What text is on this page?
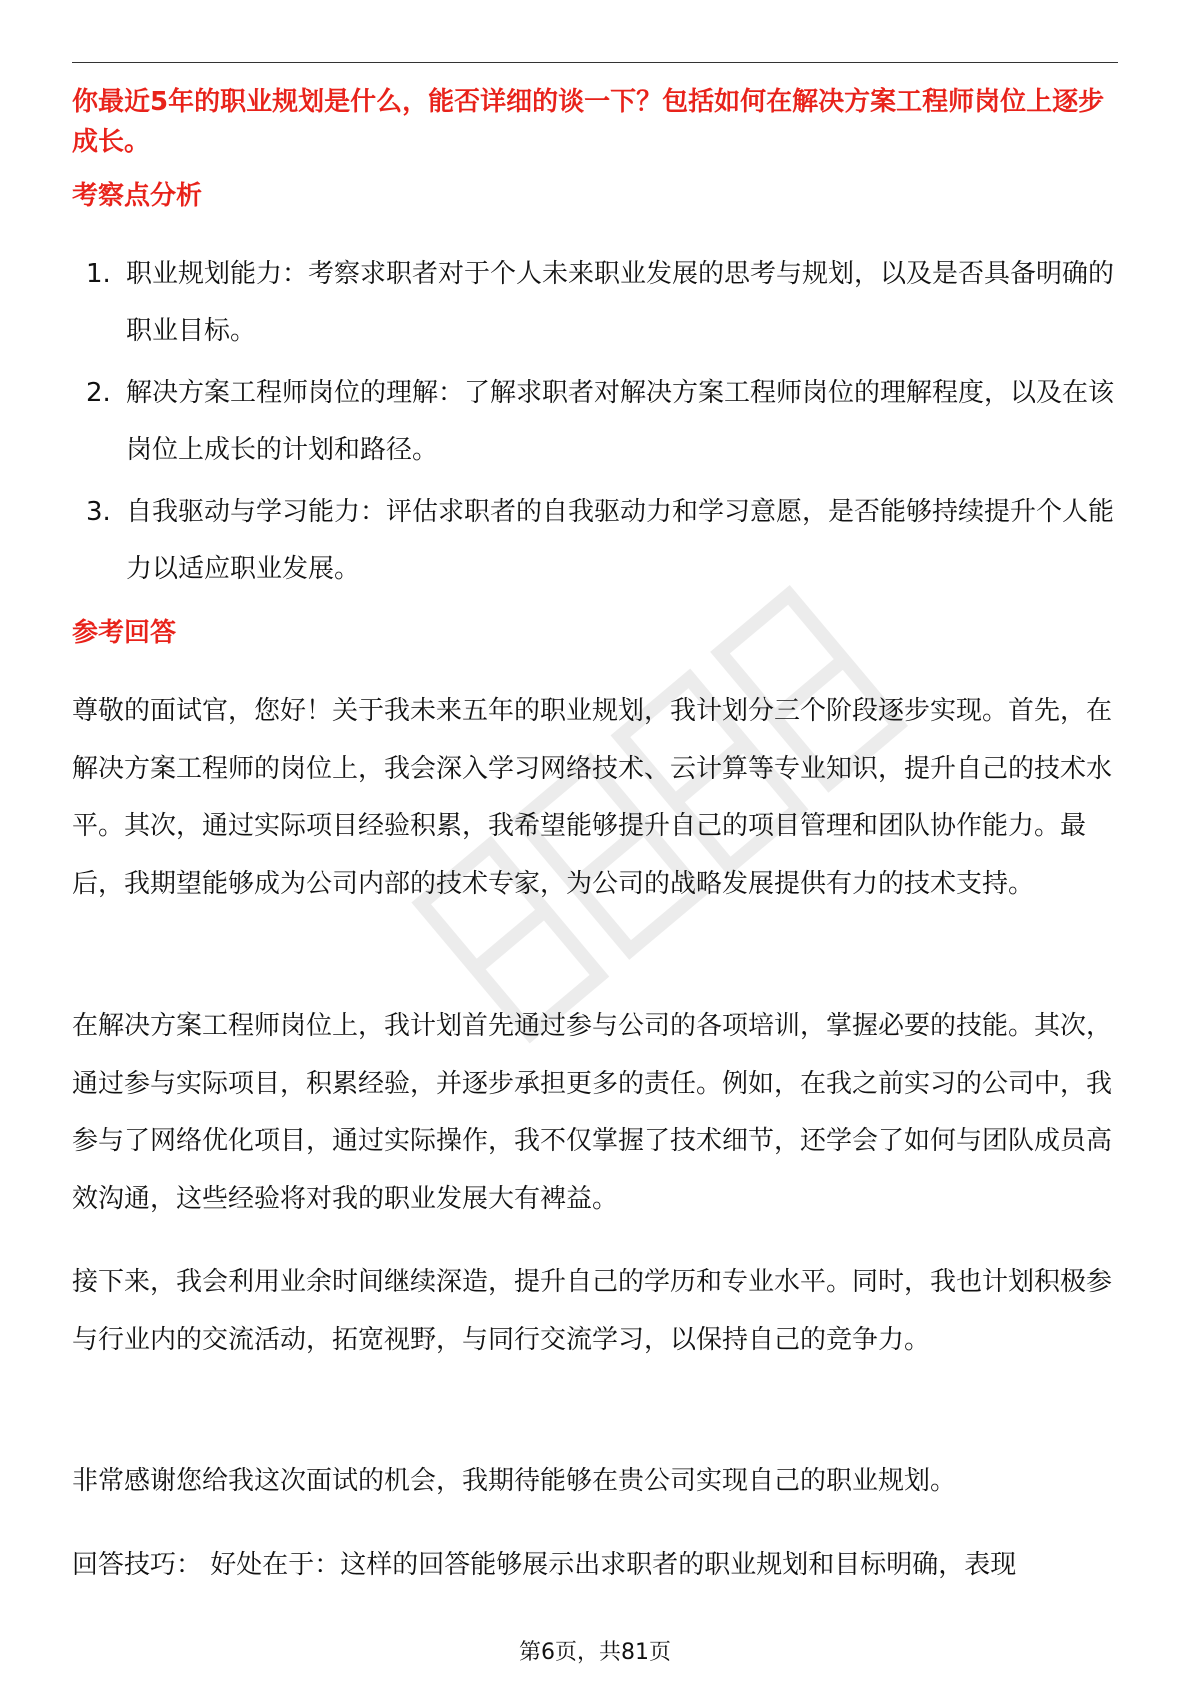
你最近5年的职业规划是什么，能否详细的谈一下？包括如何在解决方案工程师岗位上逐步成长。

考察点分析
1. 职业规划能力：考察求职者对于个人未来职业发展的思考与规划，以及是否具备明确的职业目标。
2. 解决方案工程师岗位的理解：了解求职者对解决方案工程师岗位的理解程度，以及在该岗位上成长的计划和路径。
3. 自我驱动与学习能力：评估求职者的自我驱动力和学习意愿，是否能够持续提升个人能力以适应职业发展。
参考回答

尊敬的面试官，您好！关于我未来五年的职业规划，我计划分三个阶段逐步实现。首先，在解决方案工程师的岗位上，我会深入学习网络技术、云计算等专业知识，提升自己的技术水平。其次，通过实际项目经验积累，我希望能够提升自己的项目管理和团队协作能力。最后，我期望能够成为公司内部的技术专家，为公司的战略发展提供有力的技术支持。

在解决方案工程师岗位上，我计划首先通过参与公司的各项培训，掌握必要的技能。其次，通过参与实际项目，积累经验，并逐步承担更多的责任。例如，在我之前实习的公司中，我参与了网络优化项目，通过实际操作，我不仅掌握了技术细节，还学会了如何与团队成员高效沟通，这些经验将对我的职业发展大有裨益。

接下来，我会利用业余时间继续深造，提升自己的学历和专业水平。同时，我也计划积极参与行业内的交流活动，拓宽视野，与同行交流学习，以保持自己的竞争力。

非常感谢您给我这次面试的机会，我期待能够在贵公司实现自己的职业规划。

回答技巧： 好处在于：这样的回答能够展示出求职者的职业规划和目标明确，表现

第6页，共81页
